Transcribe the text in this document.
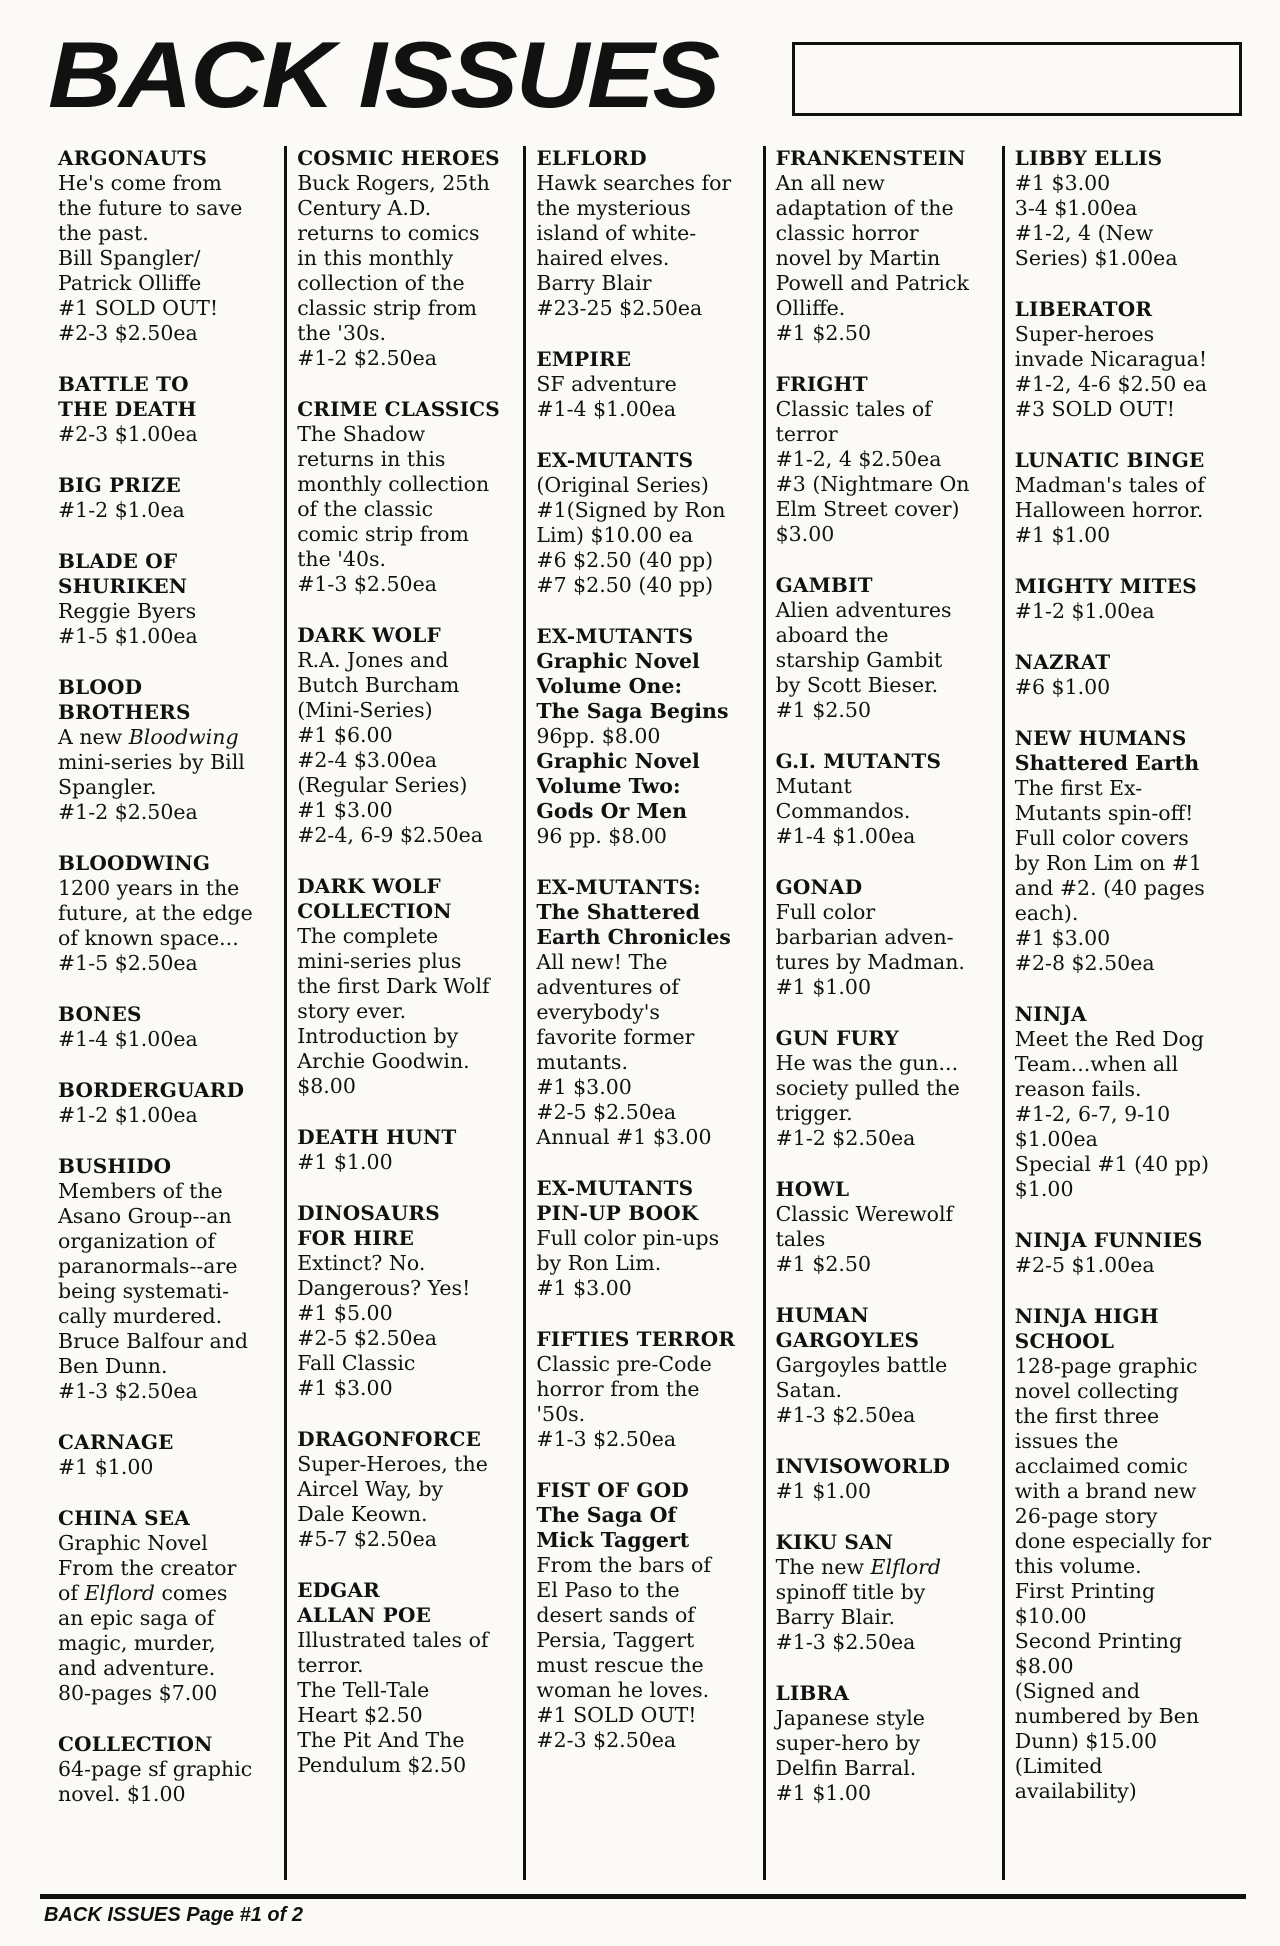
BACK ISSUES
ARGONAUTS
He's come from
the future to save
the past.
Bill Spangler/
Patrick Olliffe
#1 SOLD OUT!
#2-3 $2.50ea
BATTLE TO
THE DEATH
#2-3 $1.00ea
BIG PRIZE
#1-2 $1.0ea
BLADE OF
SHURIKEN
Reggie Byers
#1-5 $1.00ea
BLOOD
BROTHERS
A new Bloodwing
mini-series by Bill
Spangler.
#1-2 $2.50ea
BLOODWING
1200 years in the
future, at the edge
of known space...
#1-5 $2.50ea
BONES
#1-4 $1.00ea
BORDERGUARD
#1-2 $1.00ea
BUSHIDO
Members of the
Asano Group--an
organization of
paranormals--are
being systemati-
cally murdered.
Bruce Balfour and
Ben Dunn.
#1-3 $2.50ea
CARNAGE
#1 $1.00
CHINA SEA
Graphic Novel
From the creator
of Elflord comes
an epic saga of
magic, murder,
and adventure.
80-pages $7.00
COLLECTION
64-page sf graphic
novel. $1.00
COSMIC HEROES
Buck Rogers, 25th
Century A.D.
returns to comics
in this monthly
collection of the
classic strip from
the '30s.
#1-2 $2.50ea
CRIME CLASSICS
The Shadow
returns in this
monthly collection
of the classic
comic strip from
the '40s.
#1-3 $2.50ea
DARK WOLF
R.A. Jones and
Butch Burcham
(Mini-Series)
#1 $6.00
#2-4 $3.00ea
(Regular Series)
#1 $3.00
#2-4, 6-9 $2.50ea
DARK WOLF
COLLECTION
The complete
mini-series plus
the first Dark Wolf
story ever.
Introduction by
Archie Goodwin.
$8.00
DEATH HUNT
#1 $1.00
DINOSAURS
FOR HIRE
Extinct? No.
Dangerous? Yes!
#1 $5.00
#2-5 $2.50ea
Fall Classic
#1 $3.00
DRAGONFORCE
Super-Heroes, the
Aircel Way, by
Dale Keown.
#5-7 $2.50ea
EDGAR
ALLAN POE
Illustrated tales of
terror.
The Tell-Tale
Heart $2.50
The Pit And The
Pendulum $2.50
ELFLORD
Hawk searches for
the mysterious
island of white-
haired elves.
Barry Blair
#23-25 $2.50ea
EMPIRE
SF adventure
#1-4 $1.00ea
EX-MUTANTS
(Original Series)
#1(Signed by Ron
Lim) $10.00 ea
#6 $2.50 (40 pp)
#7 $2.50 (40 pp)
EX-MUTANTS
Graphic Novel
Volume One:
The Saga Begins
96pp. $8.00
Graphic Novel
Volume Two:
Gods Or Men
96 pp. $8.00
EX-MUTANTS:
The Shattered
Earth Chronicles
All new! The
adventures of
everybody's
favorite former
mutants.
#1 $3.00
#2-5 $2.50ea
Annual #1 $3.00
EX-MUTANTS
PIN-UP BOOK
Full color pin-ups
by Ron Lim.
#1 $3.00
FIFTIES TERROR
Classic pre-Code
horror from the
'50s.
#1-3 $2.50ea
FIST OF GOD
The Saga Of
Mick Taggert
From the bars of
El Paso to the
desert sands of
Persia, Taggert
must rescue the
woman he loves.
#1 SOLD OUT!
#2-3 $2.50ea
FRANKENSTEIN
An all new
adaptation of the
classic horror
novel by Martin
Powell and Patrick
Olliffe.
#1 $2.50
FRIGHT
Classic tales of
terror
#1-2, 4 $2.50ea
#3 (Nightmare On
Elm Street cover)
$3.00
GAMBIT
Alien adventures
aboard the
starship Gambit
by Scott Bieser.
#1 $2.50
G.I. MUTANTS
Mutant
Commandos.
#1-4 $1.00ea
GONAD
Full color
barbarian adven-
tures by Madman.
#1 $1.00
GUN FURY
He was the gun...
society pulled the
trigger.
#1-2 $2.50ea
HOWL
Classic Werewolf
tales
#1 $2.50
HUMAN
GARGOYLES
Gargoyles battle
Satan.
#1-3 $2.50ea
INVISOWORLD
#1 $1.00
KIKU SAN
The new Elflord
spinoff title by
Barry Blair.
#1-3 $2.50ea
LIBRA
Japanese style
super-hero by
Delfin Barral.
#1 $1.00
LIBBY ELLIS
#1 $3.00
3-4 $1.00ea
#1-2, 4 (New
Series) $1.00ea
LIBERATOR
Super-heroes
invade Nicaragua!
#1-2, 4-6 $2.50 ea
#3 SOLD OUT!
LUNATIC BINGE
Madman's tales of
Halloween horror.
#1 $1.00
MIGHTY MITES
#1-2 $1.00ea
NAZRAT
#6 $1.00
NEW HUMANS
Shattered Earth
The first Ex-
Mutants spin-off!
Full color covers
by Ron Lim on #1
and #2. (40 pages
each).
#1 $3.00
#2-8 $2.50ea
NINJA
Meet the Red Dog
Team...when all
reason fails.
#1-2, 6-7, 9-10
$1.00ea
Special #1 (40 pp)
$1.00
NINJA FUNNIES
#2-5 $1.00ea
NINJA HIGH
SCHOOL
128-page graphic
novel collecting
the first three
issues the
acclaimed comic
with a brand new
26-page story
done especially for
this volume.
First Printing
$10.00
Second Printing
$8.00
(Signed and
numbered by Ben
Dunn) $15.00
(Limited
availability)
BACK ISSUES Page #1 of 2
